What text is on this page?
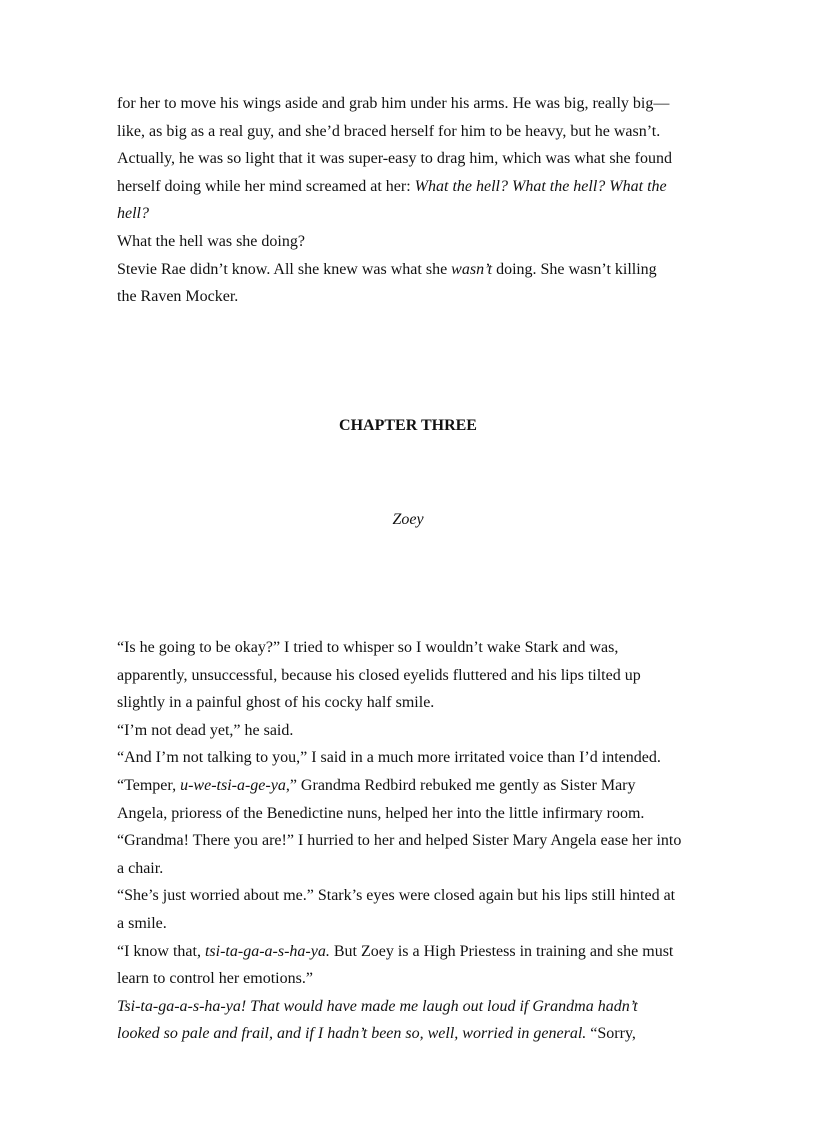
for her to move his wings aside and grab him under his arms. He was big, really big—
like, as big as a real guy, and she’d braced herself for him to be heavy, but he wasn’t.
Actually, he was so light that it was super-easy to drag him, which was what she found
herself doing while her mind screamed at her: What the hell? What the hell? What the
hell?
What the hell was she doing?
Stevie Rae didn’t know. All she knew was what she wasn’t doing. She wasn’t killing
the Raven Mocker.
CHAPTER THREE
Zoey
“Is he going to be okay?” I tried to whisper so I wouldn’t wake Stark and was,
apparently, unsuccessful, because his closed eyelids fluttered and his lips tilted up
slightly in a painful ghost of his cocky half smile.
“I’m not dead yet,” he said.
“And I’m not talking to you,” I said in a much more irritated voice than I’d intended.
“Temper, u-we-tsi-a-ge-ya,” Grandma Redbird rebuked me gently as Sister Mary
Angela, prioress of the Benedictine nuns, helped her into the little infirmary room.
“Grandma! There you are!” I hurried to her and helped Sister Mary Angela ease her into
a chair.
“She’s just worried about me.” Stark’s eyes were closed again but his lips still hinted at
a smile.
“I know that, tsi-ta-ga-a-s-ha-ya. But Zoey is a High Priestess in training and she must
learn to control her emotions.”
Tsi-ta-ga-a-s-ha-ya! That would have made me laugh out loud if Grandma hadn’t
looked so pale and frail, and if I hadn’t been so, well, worried in general. “Sorry,
